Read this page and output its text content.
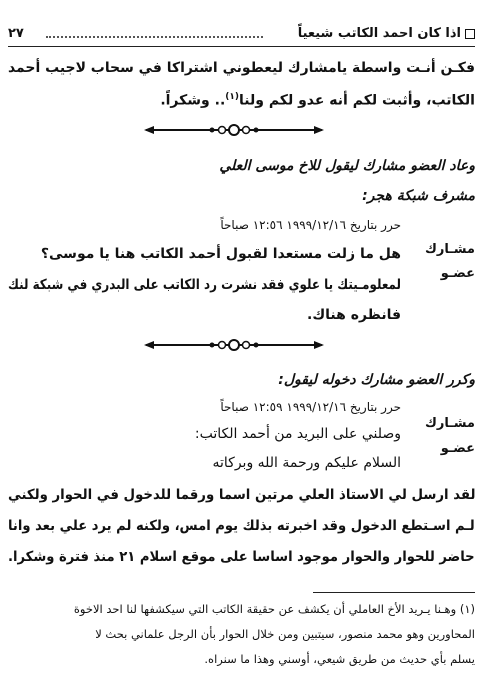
اذا كان احمد الكاتب شيعياً
٢٧
فكـن أنـت واسطة يامشارك ليعطوني اشتراكا في سحاب لاجيب أحمد
الكاتب، وأثبت لكم أنه عدو لكم ولنا$^{(١)}$.. وشكراً.
وعاد العضو مشارك ليقول للاخ موسى العلي
مشرف شبكة هجر:
حرر بتاريخ ١٩٩٩/١٢/١٦ ١٢:٥٦ صباحاً
مشـارك
عضـو
هل ما زلت مستعدا لقبول أحمد الكاتب هنا يا موسى؟
لمعلومـيتك يا علوي فقد نشرت رد الكاتب على البدري في شبكة لنك
فانظره هناك.
وكرر العضو مشارك دخوله ليقول:
حرر بتاريخ ١٩٩٩/١٢/١٦ ١٢:٥٩ صباحاً
مشـارك
عضـو
وصلني على البريد من أحمد الكاتب:
السلام عليكم ورحمة الله وبركاته
لقد ارسل لي الاستاذ العلي مرتين اسما ورقما للدخول في الحوار ولكني
لـم اسـتطع الدخول وقد اخبرته بذلك يوم امس، ولكنه لم يرد علي بعد وانا
حاضر للحوار والحوار موجود اساسا على موقع اسلام ٢١ منذ فترة وشكرا.
(١) وهـنا يـريد الأخ العاملي أن يكشف عن حقيقة الكاتب التي سيكشفها لنا احد الاخوة
المحاورين وهو محمد منصور، سيتبين ومن خلال الحوار بأن الرجل علماني بحث لا
يسلم بأي حديث من طريق شيعي، أوسني وهذا ما سنراه.
